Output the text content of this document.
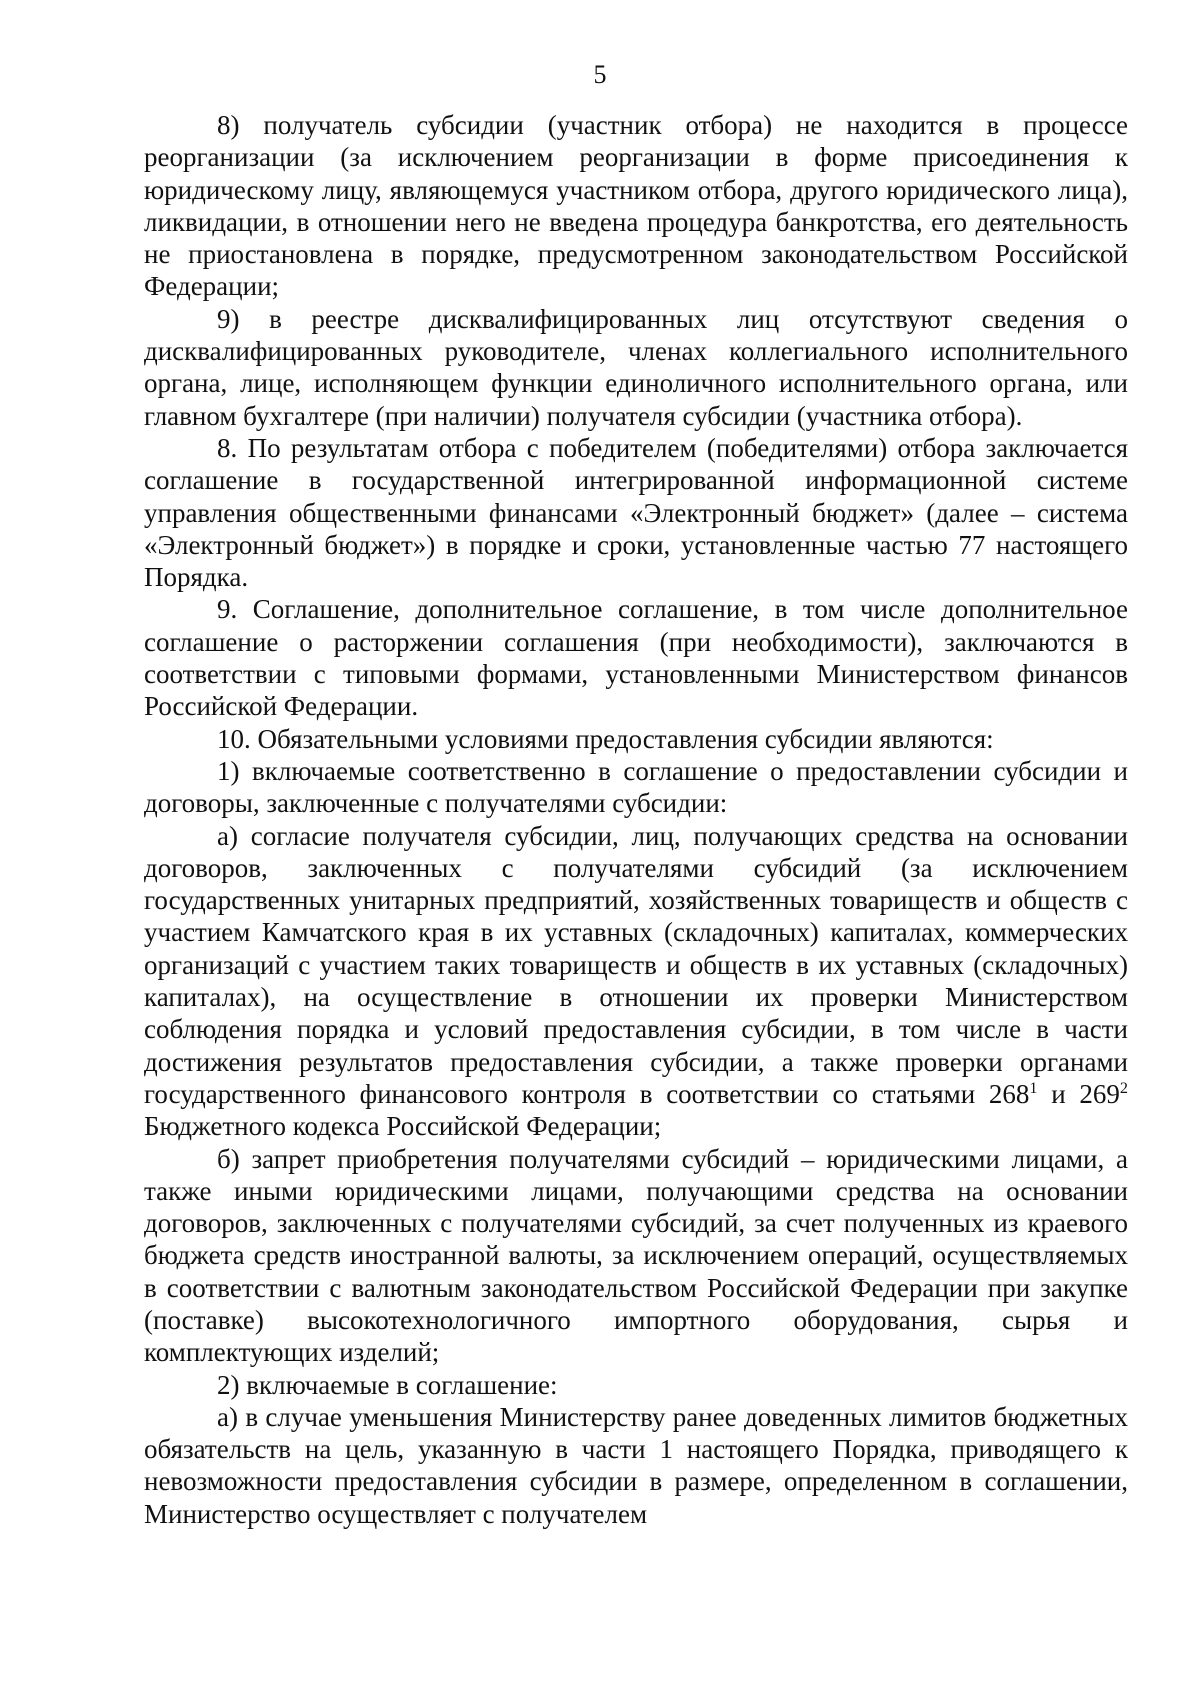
5

8) получатель субсидии (участник отбора) не находится в процессе реорганизации (за исключением реорганизации в форме присоединения к юридическому лицу, являющемуся участником отбора, другого юридического лица), ликвидации, в отношении него не введена процедура банкротства, его деятельность не приостановлена в порядке, предусмотренном законодательством Российской Федерации;

9) в реестре дисквалифицированных лиц отсутствуют сведения о дисквалифицированных руководителе, членах коллегиального исполнительного органа, лице, исполняющем функции единоличного исполнительного органа, или главном бухгалтере (при наличии) получателя субсидии (участника отбора).

8. По результатам отбора с победителем (победителями) отбора заключается соглашение в государственной интегрированной информационной системе управления общественными финансами «Электронный бюджет» (далее – система «Электронный бюджет») в порядке и сроки, установленные частью 77 настоящего Порядка.

9. Соглашение, дополнительное соглашение, в том числе дополнительное соглашение о расторжении соглашения (при необходимости), заключаются в соответствии с типовыми формами, установленными Министерством финансов Российской Федерации.

10. Обязательными условиями предоставления субсидии являются:

1) включаемые соответственно в соглашение о предоставлении субсидии и договоры, заключенные с получателями субсидии:

а) согласие получателя субсидии, лиц, получающих средства на основании договоров, заключенных с получателями субсидий (за исключением государственных унитарных предприятий, хозяйственных товариществ и обществ с участием Камчатского края в их уставных (складочных) капиталах, коммерческих организаций с участием таких товариществ и обществ в их уставных (складочных) капиталах), на осуществление в отношении их проверки Министерством соблюдения порядка и условий предоставления субсидии, в том числе в части достижения результатов предоставления субсидии, а также проверки органами государственного финансового контроля в соответствии со статьями $268^1$ и $269^2$ Бюджетного кодекса Российской Федерации;

б) запрет приобретения получателями субсидий – юридическими лицами, а также иными юридическими лицами, получающими средства на основании договоров, заключенных с получателями субсидий, за счет полученных из краевого бюджета средств иностранной валюты, за исключением операций, осуществляемых в соответствии с валютным законодательством Российской Федерации при закупке (поставке) высокотехнологичного импортного оборудования, сырья и комплектующих изделий;

2) включаемые в соглашение:

а) в случае уменьшения Министерству ранее доведенных лимитов бюджетных обязательств на цель, указанную в части 1 настоящего Порядка, приводящего к невозможности предоставления субсидии в размере, определенном в соглашении, Министерство осуществляет с получателем
